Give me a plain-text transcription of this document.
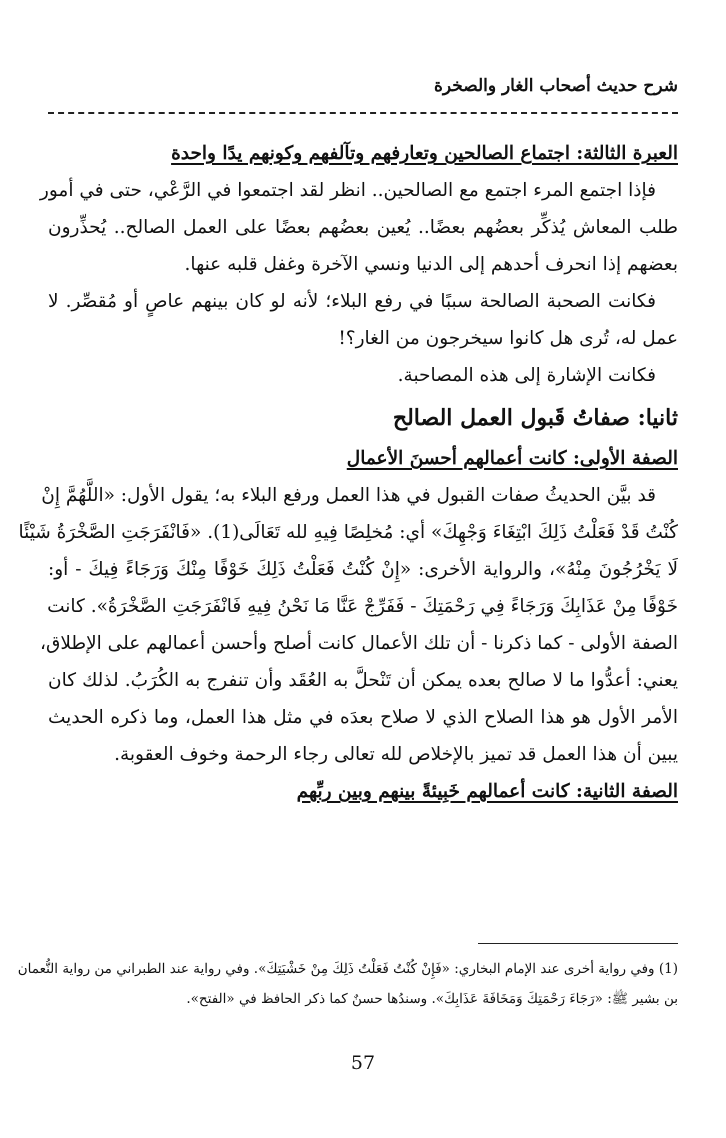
شرح حديث أصحاب الغار والصخرة
العبرة الثالثة: اجتماع الصالحين وتعارفهم وتآلفهم وكونهم يدًا واحدة
فإذا اجتمع المرء اجتمع مع الصالحين.. انظر لقد اجتمعوا في الرَّعْي، حتى في أمور
طلب المعاش يُذكِّر بعضُهم بعضًا.. يُعين بعضُهم بعضًا على العمل الصالح.. يُحذِّرون
بعضهم إذا انحرف أحدهم إلى الدنيا ونسي الآخرة وغفل قلبه عنها.
فكانت الصحبة الصالحة سببًا في رفع البلاء؛ لأنه لو كان بينهم عاصٍ أو مُقصِّر. لا
عمل له، تُرى هل كانوا سيخرجون من الغار؟!
فكانت الإشارة إلى هذه المصاحبة.
ثانيا: صفاتُ قَبول العمل الصالح
الصفة الأولى: كانت أعمالهم أحسنَ الأعمال
قد بيَّن الحديثُ صفات القبول في هذا العمل ورفع البلاء به؛ يقول الأول: «اللَّهُمَّ إِنْ
كُنْتُ قَدْ فَعَلْتُ ذَلِكَ ابْتِغَاءَ وَجْهِكَ» أي: مُخلِصًا فِيهِ لله تَعَالَى(1). «فَانْفَرَجَتِ الصَّخْرَةُ شَيْئًا
لَا يَخْرُجُونَ مِنْهُ»، والرواية الأخرى: «إِنْ كُنْتُ فَعَلْتُ ذَلِكَ خَوْفًا مِنْكَ وَرَجَاءً فِيكَ - أو:
خَوْفًا مِنْ عَذَابِكَ وَرَجَاءً فِي رَحْمَتِكَ - فَفَرِّجْ عَنَّا مَا نَحْنُ فِيهِ فَانْفَرَجَتِ الصَّخْرَةُ». كانت
الصفة الأولى - كما ذكرنا - أن تلك الأعمال كانت أصلح وأحسن أعمالهم على الإطلاق،
يعني: أعدُّوا ما لا صالح بعده يمكن أن تَنْحلَّ به العُقَد وأن تنفرج به الكُرَبُ. لذلك كان
الأمر الأول هو هذا الصلاح الذي لا صلاح بعدَه في مثل هذا العمل، وما ذكره الحديث
يبين أن هذا العمل قد تميز بالإخلاص لله تعالى رجاء الرحمة وخوف العقوبة.
الصفة الثانية: كانت أعمالهم خَبِيئةً بينهم وبين ربِّهم
(1) وفي رواية أخرى عند الإمام البخاري: «فَإِنْ كُنْتُ فَعَلْتُ ذَلِكَ مِنْ خَشْيَتِكَ». وفي رواية عند الطبراني من رواية النُّعمان
بن بشير ﷺ: «رَجَاءَ رَحْمَتِكَ وَمَخَافَةَ عَذَابِكَ». وسندُها حسنٌ كما ذكر الحافظ في «الفتح».
57
